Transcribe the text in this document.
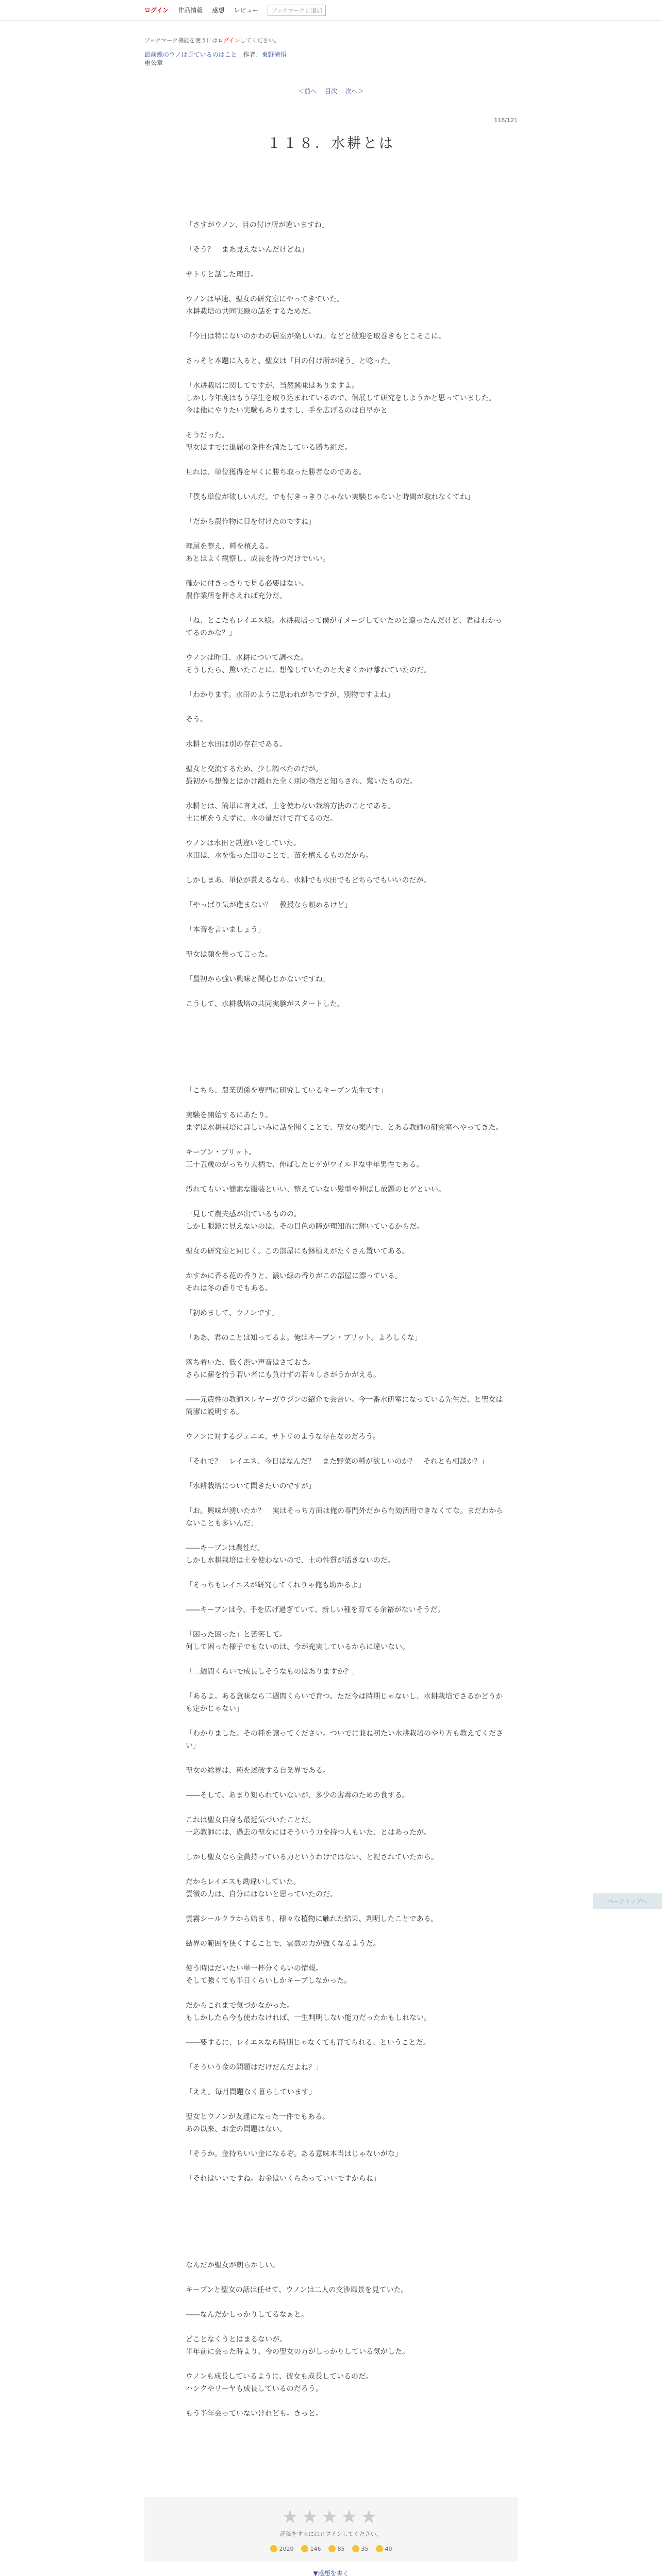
ログイン 作品情報 感想 レビュー	ブックマークに追加
ブックマーク機能を使うにはログインしてください。
最前線のウノは見ているのはこと　 作者：東野滝悟
重公章
＜前へ 目次 次へ＞
118/121
１１８．水耕とは

「さすがウノン、目の付け所が違いますね」

「そう？　まあ見えないんだけどね」

サトリと話した理日。

ウノンは早速、聖女の研究室にやってきていた。
水耕栽培の共同実験の話をするためだ。

「今日は特にないのかわの居室が楽しいね」などと歓迎を取巻きもとこそこに。

さっそと本題に入ると、聖女は「目の付け所が違う」と唸った。

「水耕栽培に関してですが、当然興味はありますよ。
しかし今年度はもう学生を取り込まれているので、個展して研究をしようかと思っていました。
今は他にやりたい実験もありますし、手を広げるのは自早かと」

そうだった。
聖女はすでに退屈の条件を満たしている勝ち組だ。

旦れは、単位獲得を早くに勝ち取った勝者なのである。

「僕も単位が欲しいんだ。でも付きっきりじゃない実験じゃないと時間が取れなくてね」

「だから農作物に目を付けたのですね」

理屈を整え、種を植える。
あとはよく観察し、成長を待つだけでいい。

確かに付きっきりで見る必要はない。
農作業所を押さえれば充分だ。

「ね、とこたもレイエス様。水耕栽培って僕がイメージしていたのと違ったんだけど、君はわかってるのかな？」

ウノンは昨日、水耕について調べた。
そうしたら、驚いたことに、想像していたのと大きくかけ離れていたのだ。

「わかります。水田のように思われがちですが、別物ですよね」

そう。

水耕と水田は別の存在である。

聖女と交流するため、少し調べたのだが。
最初から想像とはかけ離れた全く別の物だと知らされ、驚いたものだ。

水耕とは、簡単に言えば、土を使わない栽培方法のことである。
土に植をうえずに、水の量だけで育てるのだ。

ウノンは水田と勘違いをしていた。
水田は、水を張った田のことで、苗を植えるものだから。

しかしまあ、単位が貰えるなら、水耕でも水田でもどちらでもいいのだが。

「やっぱり気が進まない？　教授なら頼めるけど」

「本音を言いましょう」

聖女は顔を曇って言った。

「最初から強い興味と関心じかないですね」

こうして、水耕栽培の共同実験がスタートした。

「こちら、農業関係を専門に研究しているキーブン先生です」

実験を開始するにあたり。
まずは水耕栽培に詳しいみに話を聞くことで、聖女の案内で、とある教師の研究室へやってきた。

キーブン・ブリット。
三十五歳のがっちり大柄で、伸ばしたヒゲがワイルドな中年男性である。

汚れてもいい簡素な服装といい、整えていない髪型や伸ばし放題のヒゲといい。

一見して農夫感が出ているものの。
しかし眼鏡に見えないのは、その目色の瞳が理知的に輝いているからだ。

聖女の研究室と同じく、この部屋にも鉢植えがたくさん置いてある。

かすかに香る花の香りと、濃い緑の香りがこの部屋に漂っている。
それは冬の香りでもある。

「初めまして、ウノンです」

「ああ、君のことは知ってるよ。俺はキーブン・ブリット。よろしくな」

落ち着いた、低く渋い声音はさておき。
さらに薪を拾う若い者にも負けずの若々しさがうかがえる。

――元農性の教師スレヤーガウジンの紹介で会合い。今一番水研室になっている先生だ、と聖女は簡潔に説明する。

ウノンに対するジェニエ、サトリのような存在なのだろう。

「それで？　レイエス、今日はなんだ？　また野菜の種が欲しいのか？　それとも相談か？」

「水耕栽培について聞きたいのですが」

「お。興味が湧いたか？　実はそっち方面は俺の専門外だから有効活用できなくてな。まだわからないことも多いんだ」

――キーブンは農性だ。
しかし水耕栽培は土を使わないので、土の性質が活きないのだ。

「そっちもレイエスが研究してくれりゃ俺も助かるよ」

――キーブンは今、手を広げ過ぎていて、新しい種を育てる余裕がないそうだ。

「困った困った」と苦笑して。
何して困った様子でもないのは、今が充実しているからに違いない。

「二週間くらいで成長しそうなものはありますか？」

「あるよ。ある意味なら二週間くらいで育つ。ただ今は時期じゃないし、水耕栽培でさるかどうかも定かじゃない」

「わかりました。その種を譲ってください。ついでに兼ね初たい水耕栽培のやり方も教えてください」

聖女の総界は、種を述破する自業界である。

――そして、あまり知られていないが、多少の害毒のための食する。

これは聖女自身も最近気づいたことだ。
一応教師には、過去の聖女にはそういう力を持つ人もいた、とはあったが。

しかし聖女なら全員持っている力というわけではない、と記されていたから。

だからレイエスも勘違いしていた。
雲徴の力は、自分にはないと思っていたのだ。

雲霧シールクラから始まり、様々な植物に触れた結果、判明したことである。

結界の範囲を狭くすることで、雲徴の力が強くなるようだ。

使う時はだいたい単一杯分くらいの情報。
そして強くても半日くらいしかキープしなかった。

だからこれまで気づかなかった。
もしかしたら今も使わなければ、一生判明しない能力だったかもしれない。

――要するに、レイエスなら時期じゃなくても育てられる、ということだ。

「そういう金の問題はだけだんだよね？」

「ええ。毎月問題なく暮らしています」

聖女とウノンが友達になった一件でもある。
あの以来、お金の問題はない。

「そうか。金持ちいい金になるぞ。ある意味本当はじゃないがな」

「それはいいですね。お金はいくらあっていいですからね」

なんだか聖女が朗らかしい。

キーブンと聖女の話は任せて、ウノンは二人の交渉風景を見ていた。

――なんだかしっかりしてるなぁと。

どことなくうとはまるないが。
半年前に会った時より、今の聖女の方がしっかりしている気がした。

ウノンも成長しているように、彼女も成長しているのだ。
ハンクやリーヤも成長しているのだろう。

もう半年会っていないけれども。きっと。

★★★★★
評価をするにはログインしてください。
2020	146	85	35	40
▼感想を書く
ページトップへ
